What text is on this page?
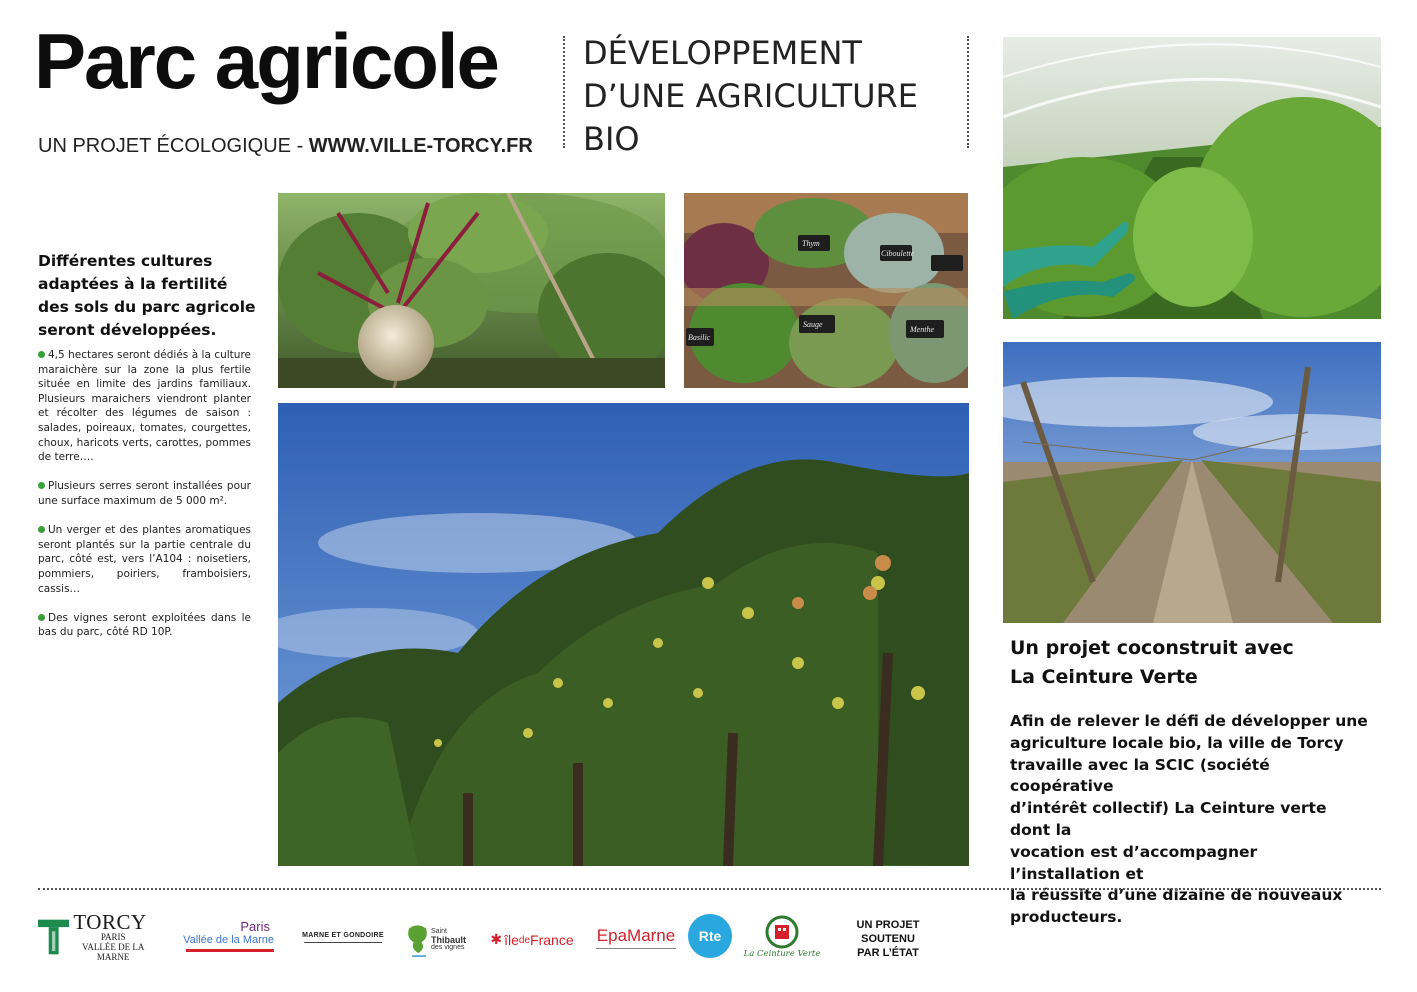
Parc agricole
UN PROJET ÉCOLOGIQUE - WWW.VILLE-TORCY.FR
DÉVELOPPEMENT
D’UNE AGRICULTURE
BIO
Différentes cultures
adaptées à la fertilité
des sols du parc agricole
seront développées.
4,5 hectares seront dédiés à la culture maraichère sur la zone la plus fertile située en limite des jardins familiaux. Plusieurs maraichers viendront planter et récolter des légumes de saison : salades, poireaux, tomates, courgettes, choux, haricots verts, carottes, pommes de terre….
Plusieurs serres seront installées pour une surface maximum de 5 000 m².
Un verger et des plantes aromatiques seront plantés sur la partie centrale du parc, côté est, vers l’A104 : noisetiers, pommiers, poiriers, framboisiers, cassis…
Des vignes seront exploitées dans le bas du parc, côté RD 10P.
Thym
Ciboulette
Sauge
Menthe
Basilic
Un projet coconstruit avec
La Ceinture Verte

Afin de relever le défi de développer une
agriculture locale bio, la ville de Torcy
travaille avec la SCIC (société coopérative
d’intérêt collectif) La Ceinture verte dont la
vocation est d’accompagner l’installation et
la réussite d’une dizaine de nouveaux
producteurs.

TORCY
PARIS
VALLÉE DE LA MARNE
Paris
Vallée de la Marne	MARNE ET GONDOIRE	Saint
Thibault
des vignes ✱ île de France EpaMarne Rte
La Ceinture Verte
UN PROJET
SOUTENU
PAR L’ÉTAT
